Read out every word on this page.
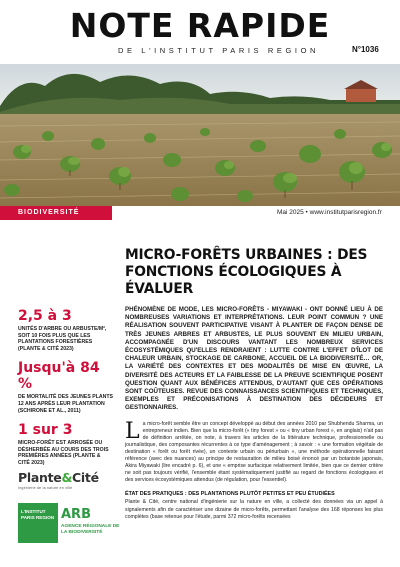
NOTE RAPIDE
DE L'INSTITUT PARIS REGION	N°1036
BIODIVERSITÉ	Mai 2025 • www.institutparisregion.fr
MICRO-FORÊTS URBAINES : DES FONCTIONS ÉCOLOGIQUES À ÉVALUER

PHÉNOMÈNE DE MODE, LES MICRO-FORÊTS - MIYAWAKI - ONT DONNÉ LIEU À DE NOMBREUSES VARIATIONS ET INTERPRÉTATIONS. LEUR POINT COMMUN ? UNE RÉALISATION SOUVENT PARTICIPATIVE VISANT À PLANTER DE FAÇON DENSE DE TRÈS JEUNES ARBRES ET ARBUSTES, LE PLUS SOUVENT EN MILIEU URBAIN, ACCOMPAGNÉE D'UN DISCOURS VANTANT LES NOMBREUX SERVICES ÉCOSYSTÉMIQUES QU'ELLES RENDRAIENT : LUTTE CONTRE L'EFFET D'ÎLOT DE CHALEUR URBAIN, STOCKAGE DE CARBONE, ACCUEIL DE LA BIODIVERSITÉ… OR, LA VARIÉTÉ DES CONTEXTES ET DES MODALITÉS DE MISE EN ŒUVRE, LA DIVERSITÉ DES ACTEURS ET LA FAIBLESSE DE LA PREUVE SCIENTIFIQUE POSENT QUESTION QUANT AUX BÉNÉFICES ATTENDUS, D'AUTANT QUE CES OPÉRATIONS SONT COÛTEUSES. REVUE DES CONNAISSANCES SCIENTIFIQUES ET TECHNIQUES, EXEMPLES ET PRÉCONISATIONS À DESTINATION DES DÉCIDEURS ET GESTIONNAIRES.

L a micro-forêt semble être un concept développé au début des années 2010 par Shubhendu Sharma, un entrepreneur indien. Bien que la micro-forêt (« tiny forest » ou « tiny urban forest », en anglais) n'ait pas de définition arrêtée, on note, à travers les articles de la littérature technique, professionnelle ou journalistique, des composantes récurrentes à ce type d'aménagement ; à savoir : « une formation végétale de destination « forêt ou forêt rivée), un contexte urbain ou périurbain », une méthode opérationnelle faisant référence (avec des nuances) au principe de restauration de milieu boisé énoncé par un botaniste japonais, Akira Miyawaki (lire encadré p. 6), et une « emprise surfacique relativement limitée, bien que ce dernier critère ne soit pas toujours vérifié, l'ensemble étant systématiquement justifié au regard de fonctions écologiques et des services écosystémiques attendus (de régulation, pour l'essentiel).
ÉTAT DES PRATIQUES : DES PLANTATIONS PLUTÔT PETITES ET PEU ÉTUDIÉES

Plante & Cité, centre national d'ingénierie sur la nature en ville, a collecté des données via un appel à signalements afin de caractériser une dizaine de micro-forêts, permettant l'analyse des 168 réponses les plus complètes (base retenue pour l'étude, parmi 372 micro-forêts recensées

2,5 à 3
UNITÉS D'ARBRE OU ARBUSTE/M², SOIT 10 FOIS PLUS QUE LES PLANTATIONS FORESTIÈRES (PLANTE & CITÉ 2023)
Jusqu'à 84 %
DE MORTALITÉ DES JEUNES PLANTS 12 ANS APRÈS LEUR PLANTATION (SCHIRONE ET AL., 2011)
1 sur 3
MICRO-FORÊT EST ARROSÉE OU DÉSHERBÉE AU COURS DES TROIS PREMIÈRES ANNÉES (PLANTE & CITÉ 2023)
Plante&Cité
Ingénierie de la nature en ville
L'INSTITUT PARIS REGION ARB
AGENCE RÉGIONALE DE LA BIODIVERSITÉ
